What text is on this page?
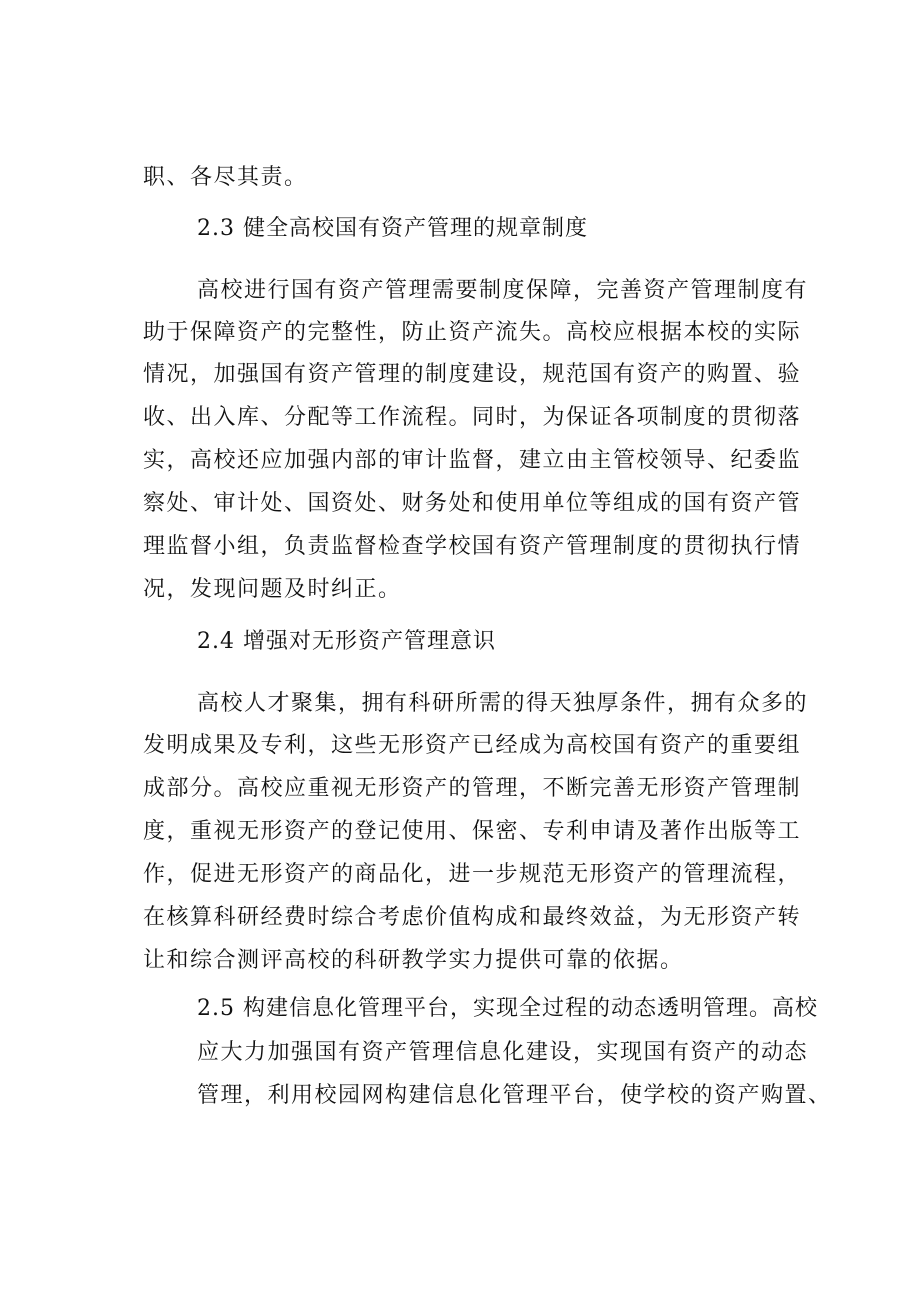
职、各尽其责。
2.3 健全高校国有资产管理的规章制度
高校进行国有资产管理需要制度保障，完善资产管理制度有
助于保障资产的完整性，防止资产流失。高校应根据本校的实际
情况，加强国有资产管理的制度建设，规范国有资产的购置、验
收、出入库、分配等工作流程。同时，为保证各项制度的贯彻落
实，高校还应加强内部的审计监督，建立由主管校领导、纪委监
察处、审计处、国资处、财务处和使用单位等组成的国有资产管
理监督小组，负责监督检查学校国有资产管理制度的贯彻执行情
况，发现问题及时纠正。
2.4 增强对无形资产管理意识
高校人才聚集，拥有科研所需的得天独厚条件，拥有众多的
发明成果及专利，这些无形资产已经成为高校国有资产的重要组
成部分。高校应重视无形资产的管理，不断完善无形资产管理制
度，重视无形资产的登记使用、保密、专利申请及著作出版等工
作，促进无形资产的商品化，进一步规范无形资产的管理流程，
在核算科研经费时综合考虑价值构成和最终效益，为无形资产转
让和综合测评高校的科研教学实力提供可靠的依据。
2.5 构建信息化管理平台，实现全过程的动态透明管理。高校
应大力加强国有资产管理信息化建设，实现国有资产的动态
管理，利用校园网构建信息化管理平台，使学校的资产购置、
